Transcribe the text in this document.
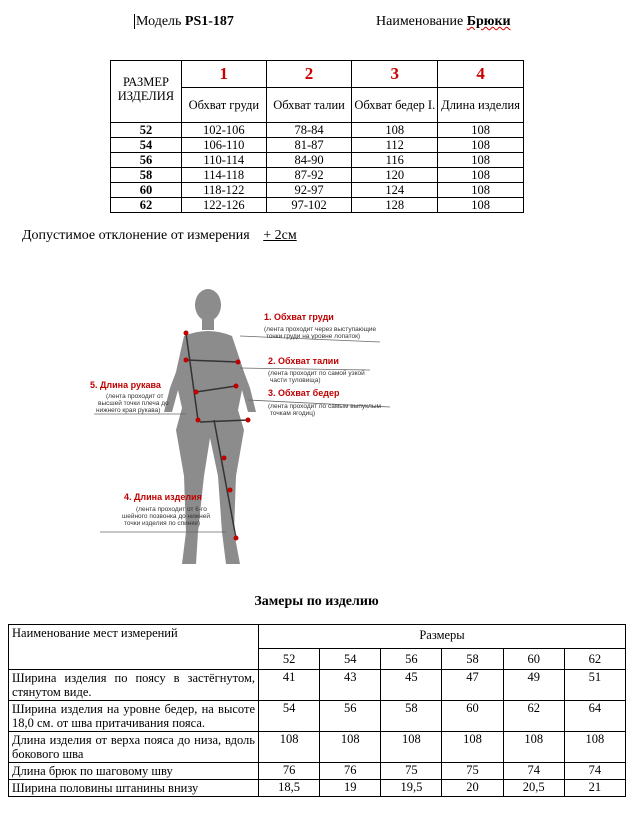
Модель PS1-187	Наименование Брюки
РАЗМЕР ИЗДЕЛИЯ	1	2	3	4
	Обхват груди	Обхват талии	Обхват бедер I.	Длина изделия
52	102-106	78-84	108	108
54	106-110	81-87	112	108
56	110-114	84-90	116	108
58	114-118	87-92	120	108
60	118-122	92-97	124	108
62	122-126	97-102	128	108
Допустимое отклонение от измерения + 2см
1. Обхват груди
(лента проходит через выступающие
точки груди на уровне лопаток)
2. Обхват талии
(лента проходит по самой узкой
части туловища)
3. Обхват бедер
(лента проходит по самым выпуклым
точкам ягодиц)
5. Длина рукава
(лента проходит от
высшей точки плеча до
нижнего края рукава)
4. Длина изделия
(лента проходит от 6-го
шейного позвонка до нижней
точки изделия по спинке)
Замеры по изделию
Наименование мест измерений	Размеры					
	52	54	56	58	60	62
Ширина изделия по поясу в застёгнутом, стянутом виде.	41	43	45	47	49	51
Ширина изделия на уровне бедер, на высоте 18,0 см. от шва притачивания пояса.	54	56	58	60	62	64
Длина изделия от верха пояса до низа, вдоль бокового шва	108	108	108	108	108	108
Длина брюк по шаговому шву	76	76	75	75	74	74
Ширина половины штанины внизу	18,5	19	19,5	20	20,5	21
